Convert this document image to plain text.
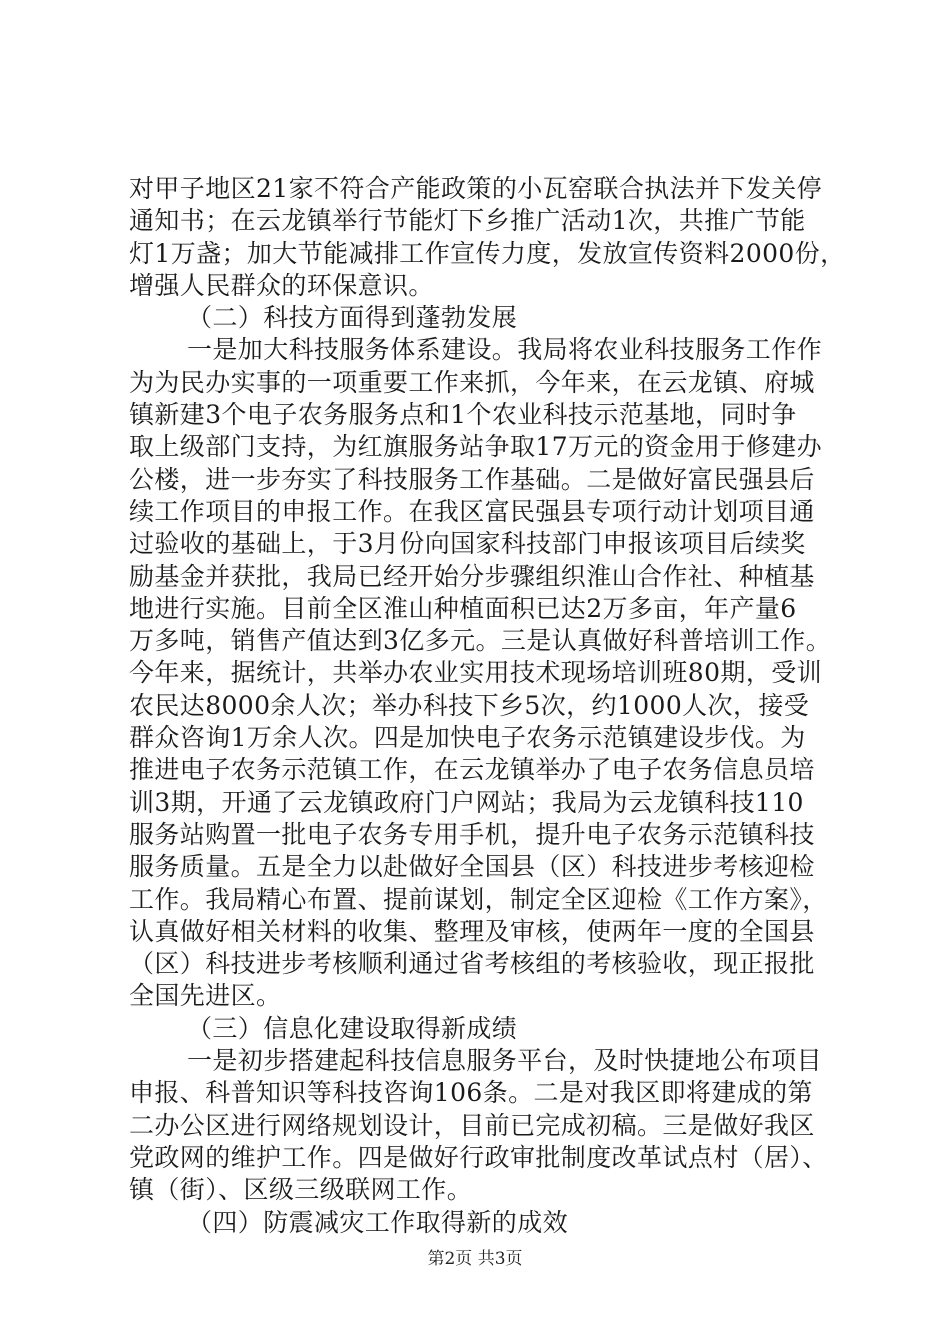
对甲子地区21家不符合产能政策的小瓦窑联合执法并下发关停
通知书；在云龙镇举行节能灯下乡推广活动1次，共推广节能
灯1万盏；加大节能减排工作宣传力度，发放宣传资料2000份，
增强人民群众的环保意识。
（二）科技方面得到蓬勃发展
一是加大科技服务体系建设。我局将农业科技服务工作作
为为民办实事的一项重要工作来抓，今年来，在云龙镇、府城
镇新建3个电子农务服务点和1个农业科技示范基地，同时争
取上级部门支持，为红旗服务站争取17万元的资金用于修建办
公楼，进一步夯实了科技服务工作基础。二是做好富民强县后
续工作项目的申报工作。在我区富民强县专项行动计划项目通
过验收的基础上，于3月份向国家科技部门申报该项目后续奖
励基金并获批，我局已经开始分步骤组织淮山合作社、种植基
地进行实施。目前全区淮山种植面积已达2万多亩，年产量6
万多吨，销售产值达到3亿多元。三是认真做好科普培训工作。
今年来，据统计，共举办农业实用技术现场培训班80期，受训
农民达8000余人次；举办科技下乡5次，约1000人次，接受
群众咨询1万余人次。四是加快电子农务示范镇建设步伐。为
推进电子农务示范镇工作，在云龙镇举办了电子农务信息员培
训3期，开通了云龙镇政府门户网站；我局为云龙镇科技110
服务站购置一批电子农务专用手机，提升电子农务示范镇科技
服务质量。五是全力以赴做好全国县（区）科技进步考核迎检
工作。我局精心布置、提前谋划，制定全区迎检《工作方案》，
认真做好相关材料的收集、整理及审核，使两年一度的全国县
（区）科技进步考核顺利通过省考核组的考核验收，现正报批
全国先进区。
（三）信息化建设取得新成绩
一是初步搭建起科技信息服务平台，及时快捷地公布项目
申报、科普知识等科技咨询106条。二是对我区即将建成的第
二办公区进行网络规划设计，目前已完成初稿。三是做好我区
党政网的维护工作。四是做好行政审批制度改革试点村（居）、
镇（街）、区级三级联网工作。
（四）防震减灾工作取得新的成效
第2页 共3页
